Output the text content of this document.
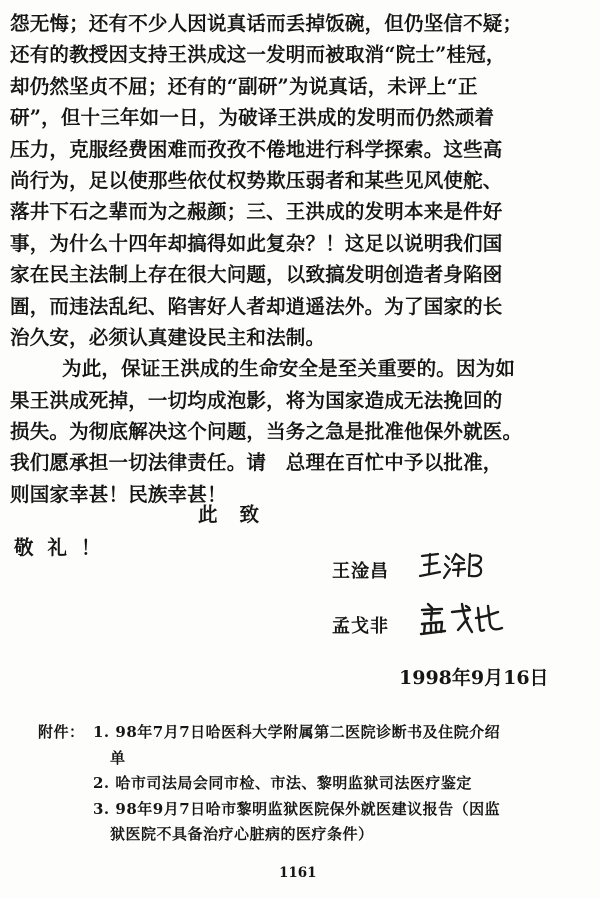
怨无悔；还有不少人因说真话而丢掉饭碗，但仍坚信不疑；
还有的教授因支持王洪成这一发明而被取消“院士”桂冠，
却仍然坚贞不屈；还有的“副研”为说真话，未评上“正
研”，但十三年如一日，为破译王洪成的发明而仍然顽着
压力，克服经费困难而孜孜不倦地进行科学探索。这些高
尚行为，足以使那些依仗权势欺压弱者和某些见风使舵、
落井下石之辈而为之赧颜；三、王洪成的发明本来是件好
事，为什么十四年却搞得如此复杂？！这足以说明我们国
家在民主法制上存在很大问题，以致搞发明创造者身陷囹
圄，而违法乱纪、陷害好人者却逍遥法外。为了国家的长
治久安，必须认真建设民主和法制。
为此，保证王洪成的生命安全是至关重要的。因为如
果王洪成死掉，一切均成泡影，将为国家造成无法挽回的
损失。为彻底解决这个问题，当务之急是批准他保外就医。
我们愿承担一切法律责任。请　总理在百忙中予以批准，
则国家幸甚！民族幸甚！
此致
敬礼！
王淦昌
孟戈非
1998年9月16日
附件： 1. 98年7月7日哈医科大学附属第二医院诊断书及住院介绍
单
2. 哈市司法局会同市检、市法、黎明监狱司法医疗鉴定
3. 98年9月7日哈市黎明监狱医院保外就医建议报告（因监
狱医院不具备治疗心脏病的医疗条件）
1161
